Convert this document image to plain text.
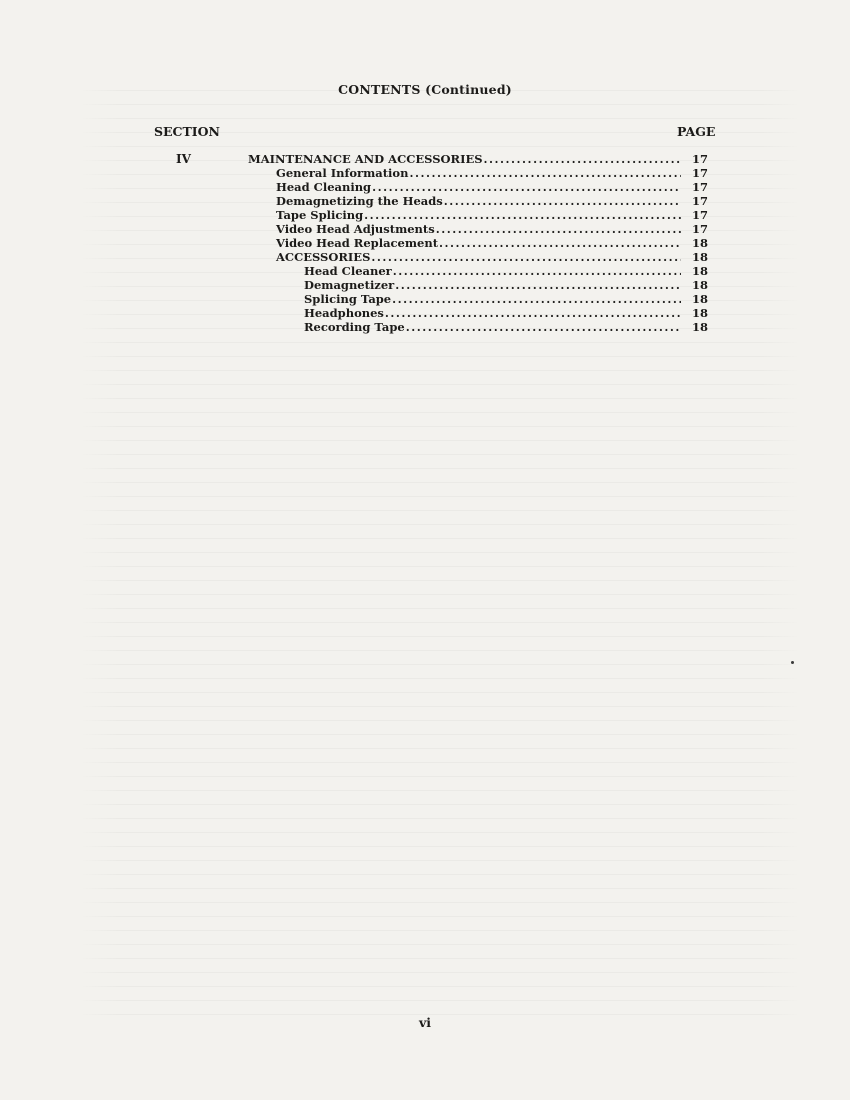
CONTENTS (Continued)
SECTION	PAGE
IV	MAINTENANCE AND ACCESSORIES .....	17
General Information .....	17
Head Cleaning .....	17
Demagnetizing the Heads .....	17
Tape Splicing .....	17
Video Head Adjustments .....	17
Video Head Replacement .....	18
ACCESSORIES .....	18
Head Cleaner .....	18
Demagnetizer .....	18
Splicing Tape .....	18
Headphones .....	18
Recording Tape .....	18
vi
